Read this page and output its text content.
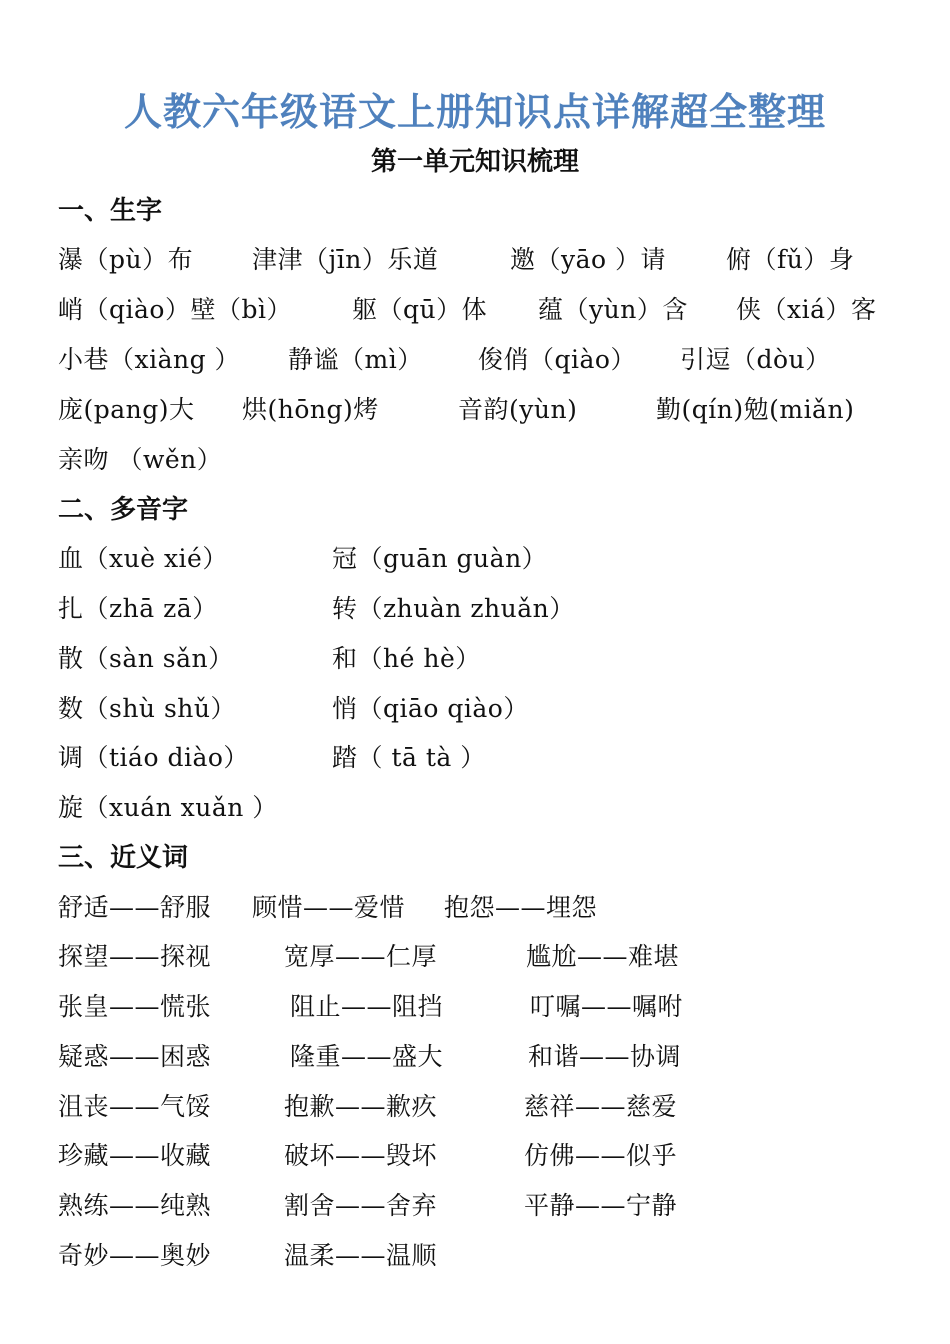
人教六年级语文上册知识点详解超全整理
第一单元知识梳理
一、生字
瀑（pù）布 津津（jīn）乐道	邀（yāo ）请 俯（fǔ）身
峭（qiào）壁（bì） 躯（qū）体 蕴（yùn）含 侠（xiá）客
小巷（xiàng ） 静谧（mì） 俊俏（qiào） 引逗（dòu）
庞(pang)大 烘(hōng)烤	音韵(yùn)	勤(qín)勉(miǎn)
亲吻 （wěn）
二、多音字
血（xuè xié）	冠（guān guàn）
扎（zhā zā）	转（zhuàn zhuǎn）
散（sàn sǎn）	和（hé hè）
数（shù shǔ）	悄（qiāo qiào）
调（tiáo diào）	踏（ tā tà ）
旋（xuán xuǎn ）
三、近义词
舒适——舒服 顾惜——爱惜 抱怨——埋怨
探望——探视	宽厚——仁厚	尴尬——难堪
张皇——慌张	阻止——阻挡	叮嘱——嘱咐
疑惑——困惑	隆重——盛大	和谐——协调
沮丧——气馁	抱歉——歉疚	慈祥——慈爱
珍藏——收藏	破坏——毁坏	仿佛——似乎
熟练——纯熟	割舍——舍弃	平静——宁静
奇妙——奥妙	温柔——温顺
